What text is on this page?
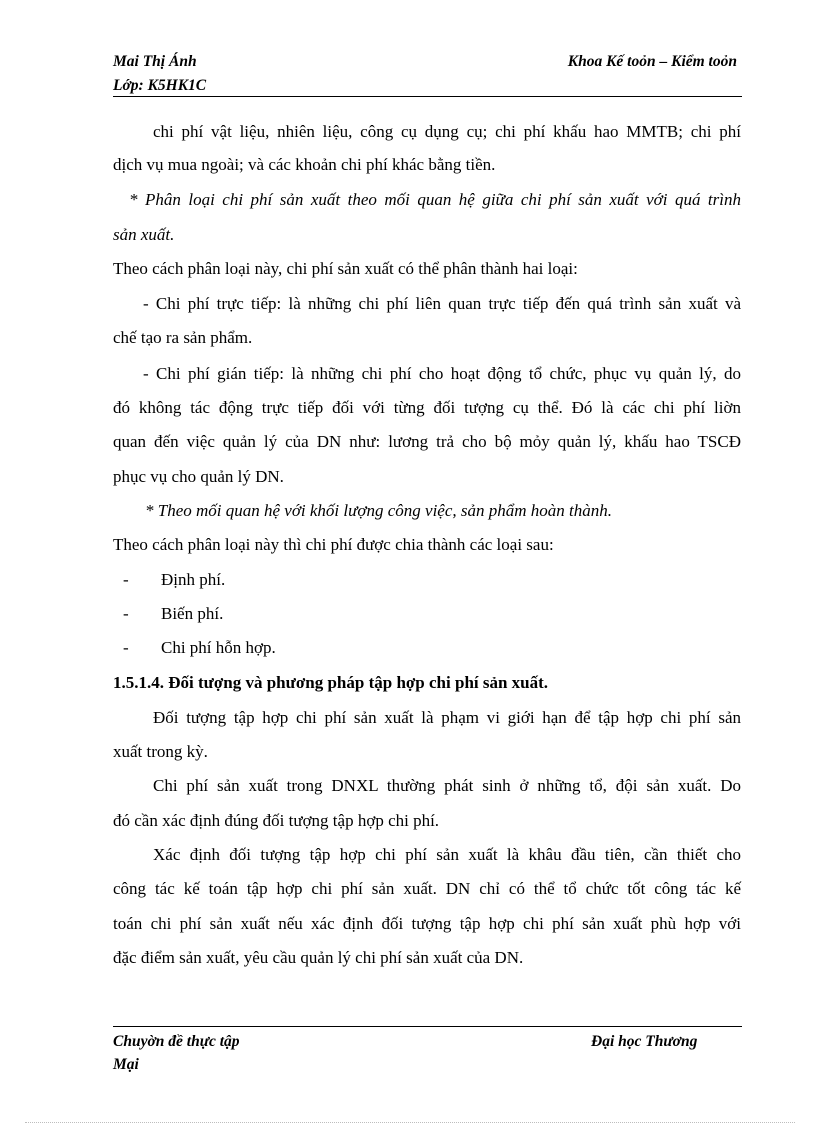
Mai Thị Ánh	Khoa Kế toỏn – Kiểm toỏn
Lớp: K5HK1C
chi phí vật liệu, nhiên liệu, công cụ dụng cụ; chi phí khấu hao MMTB; chi phí
dịch vụ mua ngoài; và các khoản chi phí khác bằng tiền.
* Phân loại chi phí sản xuất theo mối quan hệ giữa chi phí sản xuất với quá trình
sản xuất.
Theo cách phân loại này, chi phí sản xuất có thể phân thành hai loại:
- Chi phí trực tiếp: là những chi phí liên quan trực tiếp đến quá trình sản xuất và
chế tạo ra sản phẩm.
- Chi phí gián tiếp: là những chi phí cho hoạt động tổ chức, phục vụ quản lý, do
đó không tác động trực tiếp đối với từng đối tượng cụ thể. Đó là các chi phí liờn
quan đến việc quản lý của DN như: lương trả cho bộ mỏy quản lý, khấu hao TSCĐ
phục vụ cho quản lý DN.
* Theo mối quan hệ với khối lượng công việc, sản phẩm hoàn thành.
Theo cách phân loại này thì chi phí được chia thành các loại sau:
- Định phí.
- Biến phí.
- Chi phí hỗn hợp.
1.5.1.4. Đối tượng và phương pháp tập hợp chi phí sản xuất.
Đối tượng tập hợp chi phí sản xuất là phạm vi giới hạn để tập hợp chi phí sản
xuất trong kỳ.
Chi phí sản xuất trong DNXL thường phát sinh ở những tổ, đội sản xuất. Do
đó cần xác định đúng đối tượng tập hợp chi phí.
Xác định đối tượng tập hợp chi phí sản xuất là khâu đầu tiên, cần thiết cho
công tác kế toán tập hợp chi phí sản xuất. DN chỉ có thể tổ chức tốt công tác kế
toán chi phí sản xuất nếu xác định đối tượng tập hợp chi phí sản xuất phù hợp với
đặc điểm sản xuất, yêu cầu quản lý chi phí sản xuất của DN.
Chuyờn đề thực tập
Mại
Đại học Thương
